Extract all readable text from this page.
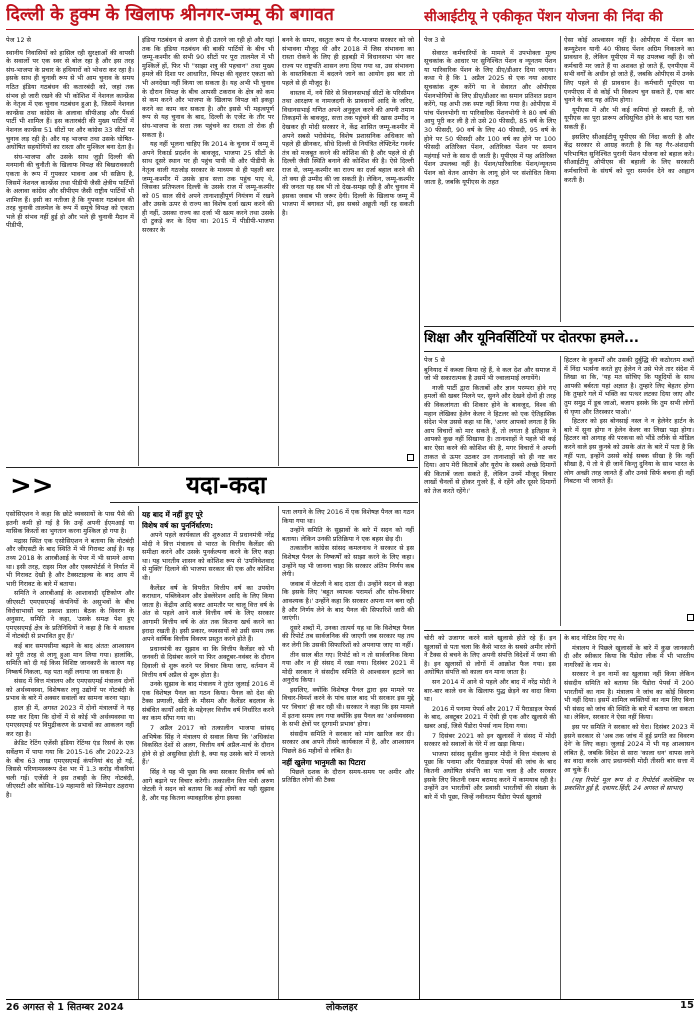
दिल्ली के हुक्म के खिलाफ श्रीनगर-जम्मू की बगावत	सीआईटीयू ने एकीकृत पेंशन योजना की निंदा की

पेज 12 से

स्थानीय निवासियों को हासिल रही सुरक्षाओं की वापसी के सवालों पर एक स्वर से बोल रहा है और इस तरह संघ-भाजपा के प्रचार के हथियारों को भोथरा कर रहा है। इसके साथ ही चुनावी रूप से भी आम चुनाव के समय गठित इंडिया गठबंधन की कतारबंदी को, जहां तक संभव हो जारी रखने की भी कोशिश में नेशनल कान्फ्रेंस के नेतृत्व में एक चुनाव गठबंधन हुआ है, जिसमें नेशनल कान्फ्रेंस तथा कांग्रेस के अलावा सीपीआइ और पैंथर्स पार्टी भी शामिल हैं। इस कतारबंदी की मुख्य पार्टियों में नेशनल कान्फ्रेंस 51 सीटों पर और कांग्रेस 33 सीटों पर चुनाव लड़ रही है। और यह भाजपा तथा उसके घोषित-अघोषित सहयोगियों का रास्ता और मुश्किल बना देता है।

संघ-भाजपा और उसके साथ जुड़ी दिल्ली की मनमानी की चुनौती के खिलाफ विपक्ष की बिखरावकारी एकता के रूप में गुपकार भावना अब भी सक्रिय है, जिसमें नेशनल कान्फ्रेंस तथा पीडीपी जैसी क्षेत्रीय पार्टियों के अलावा कांग्रेस और सीपीएम जैसी राष्ट्रीय पार्टियों भी शामिल हैं। इसी का नतीजा है कि गुपकार गठबंधन की तरह चुनावी तालमेल के रूप में समूचे विपक्ष को एकता भले ही संभव नहीं हुई हो और भले ही चुनावी मैदान में पीडीपी,

इंडिया गठबंधन से अलग से ही उतरने जा रही हो और यहां तक कि इंडिया गठबंधन की बाकी पार्टियों के बीच भी जम्मू-कश्मीर की सभी 90 सीटों पर पूरा तालमेल में भी मुश्किलें हों, फिर भी ''साझा शत्रु की पहचान'' तथा मुख्य हमले की दिशा पर आधारित, विपक्ष की वृहत्तर एकता को भी अनदेखा नहीं किया जा सकता है। यह अभी भी चुनाव के दौरान विपक्ष के बीच आपसी टकराव के क्षेत्र को कम से कम करने और भाजपा के खिलाफ विपक्ष को इकट्ठा करने का काम कर सकता है। और इससे भी महत्वपूर्ण रूप से यह चुनाव के बाद, दिल्ली के एजेंट के तौर पर संघ-भाजपा के सत्ता तक पहुंचने का रास्ता तो रोक ही सकता है।

यह नहीं भूलना चाहिए कि 2014 के चुनाव में जम्मू में अपने रिकार्ड प्रदर्शन के बावजूद, भाजपा 25 सीटों के साथ दूसरे स्थान पर ही पहुंच पायी थी और पीडीपी के नेतृत्व वाली गठजोड़ सरकार के माध्यम से ही पहली बार जम्मू-कश्मीर में उसके हाथ सत्ता तक पहुंच पाए थे, जिसका प्रतिफलन दिल्ली के उसके राज में जम्मू-कश्मीर को 05 साल सीधे अपने तानाशाहीपूर्ण नियंत्रण में रखने और उसके ऊपर से राज्य का विशेष दर्जा खत्म करने की ही नहीं, उसका राज्य का दर्जा भी खत्म करने तथा उसके दो टुकड़े कर के दिया था। 2015 में पीडीपी-भाजपा सरकार के

बनने के समय, वस्तुतः रूप से गैर-भाजपा सरकार को जो संभावना मौजूद थी और 2018 में जिस संभावना का रास्ता रोकने के लिए ही हड़बड़ी में विधानसभा भंग कर राज्य पर राष्ट्रपति शासन लगा दिया गया था, उस संभावना के वास्तविकता में बदलने जाने का आयोग इस बार तो पहले से ही मौजूद है।

वास्तव में, नये सिरे से विधानसभाई सीटों के परिसीमन तथा आरक्षण व नामजदगी के प्रावधानों आदि के जरिए, विधानसभाई गणित अपने अनुकूल करने की अपनी तमाम तिकड़मों के बावजूद, सत्ता तक पहुंचने की खास उम्मीद न देखकर ही मोदी सरकार ने, केंद्र शासित जम्मू-कश्मीर में अपने सबसे भरोसेमंद, विशेष प्रशासनिक अधिकार को पहले ही छीनकर, सीधे दिल्ली से नियंत्रित लेफ्टिनेंट गवर्नर तंत्र को मजबूत करने की कोशिश की है और पहले से ही दिल्ली जैसी स्थिति बनाने की कोशिश की है। ऐसे दिल्ली राज से, जम्मू-कश्मीर का राज्य का दर्जा बहाल करने की तो क्या ही उम्मीद की जा सकती है। लेकिन, जम्मू-कश्मीर की जनता यह सब भी तो देख-समझ रही है और चुनाव में इसका जवाब भी जरूर देगी। दिल्ली के खिलाफ जम्मू में भाजपा में बगावत भी, इस सबसे अछूती नहीं रह सकती है।

पेज 3 से

सेवारत कर्मचारियों के मामले में उपभोक्ता मूल्य सूचकांक के आधार पर सुनिश्चित पेंशन व न्यूनतम पेंशन या पारिवारिक पेंशन के लिए डीए/डीआर दिया जाएगा। कथा ये है कि 1 अप्रैल 2025 से एक नया आधार सूचकांक शुरू करेंगे या वे सेवारत और ओपीएस पेंशनभोगियों के लिए डीए/डीआर का समान प्रतिशत प्रदान करेंगे, यह अभी तक स्पष्ट नहीं किया गया है। ओपीएस में पांच पेंशनभोगी या पारिवारिक पेंशनभोगी ने 80 वर्ष की आयु पूरी कर ली है तो उसे 20 फीसदी, 85 वर्ष के लिए 30 फीसदी, 90 वर्ष के लिए 40 फीसदी, 95 वर्ष के होने पर 50 फीसदी और 100 वर्ष का होने पर 100 फीसदी अतिरिक्त पेंशन, अतिरिक्त पेंशन पर समान महंगाई भत्ते के साथ दी जाती है। यूपीएस में यह अतिरिक्त पेंशन उपलब्ध नहीं है। पेंशन/पारिवारिक पेंशन/न्यूनतम पेंशन को वेतन आयोग के लागू होने पर संशोधित किया जाता है, जबकि यूपीएस के तहत

ऐसा कोई आश्वासन नहीं है। ओपीएस में पेंशन का कम्युटेशन यानी 40 फीसद पेंशन अग्रिम निकालने का प्रावधान है, लेकिन यूपीएस में यह उपलब्ध नहीं है। जो कर्मचारी मर जाते हैं या अशक्त हो जाते हैं, एनपीएस में सभी वर्गों के अधीन हो जाते हैं, जबकि ओपीएस में उनके लिए पहले से ही प्रावधान है। कर्मचारी यूपीएस या एनपीएस में से कोई भी विकल्प चुन सकते हैं, एक बार चुनने के बाद यह अंतिम होगा।

यूपीएस में और भी कई कमियां हो सकती हैं, जो यूपीएस का पूरा प्रारूप अधिसूचित होने के बाद पता चल सकती हैं।

इसलिए सीआईटीयू यूपीएस की निंदा करती है और केंद्र सरकार से आग्रह करती है कि यह गैर-अंशदायी परिभाषित सुनिश्चित पुरानी पेंशन योजना को बहाल करे। सीआईटीयू ओपीएस की बहाली के लिए सरकारी कर्मचारियों के संघर्ष को पूरा समर्थन देने का आह्वान करती है।

शिक्षा और यूनिवर्सिटियों पर दोतरफा हमले...

पेज 5 से

बुनियाद में कब्जा किया रहे हैं, वे कल देश और समाज में जो भी सकारात्मक है उसमें भी ज्वालामाई लगायेंगे।

नाजी पार्टी द्वारा किताबों और ज्ञान परम्परा होने गए हमलों की खबर मिलने पर, सुनने और देखने दोनों ही तरह की विकलांगता की शिकार होने के बावजूद, विश्व की महान लेखिका हेलेन केलर ने हिटलर को एक ऐतिहासिक संदेश भेज उससे कहा था कि, 'अगर आपको लगता है कि आप विचारों को मार सकते हैं, तो लगता है इतिहास ने आपको कुछ नहीं सिखाया है। तानाशाहों ने पहले भी कई बार ऐसा करने की कोशिश की है, मगर विचारों ने अपनी ताकत से ऊपर उठकर उन तानाशाहों को ही नष्ट कर दिया। आप मेरी किताबें और यूरोप के सबसे अच्छे दिमागों की किताबें जला सकते हैं, लेकिन उनमें मौजूद विचार लाखों चैनलों से होकर गुजरे हैं, वे रहेंगे और दूसरे दिमागों को तेज करते रहेंगे।'

हिटलर के कुकर्मों और उसकी दुर्बुद्धि की कठोरतम शब्दों में निंदा भर्त्सना करते हुए हेलेन ने उसे भेजे तार संदेश में लिखा था कि, 'यह मत सोचिए कि यहूदियों के साथ आपकी बर्बरता यहां अज्ञात है। तुम्हारे लिए बेहतर होगा कि तुम्हारे गले में भक्ति का पत्थर लटका दिया जाए और तुम समुद्र में डूब जाओ, बजाय इसके कि तुम सभी लोगों से घृणा और तिरस्कार पाओ।'

हिटलर को इस बोनसाई नस्ल ने न हेलेनेर हार्टन के बारे में सुना होगा न हेलेन केलर का लिखा पढ़ा होगा। हिटलर को आगाह की परकथा को भौंडे तरीके से मॉडिल करने वाले इस कुनबे को उसके अंत के बारे में पता है कि नहीं पता, इन्होंने उससे कोई सबक सीखा है कि नहीं सीखा है, ये तो ये ही जानें किन्तु दुनिया के साथ भारत के लोग अच्छी तरह जानते हैं और उनसे सिर्फ बचना ही नहीं निबटना भी जानते हैं।

>>	यदा-कदा

एसोसिएशन ने कहा कि छोटे व्यवसायों के पास पैसे की इतनी कमी हो गई है कि उन्हें अपनी ईएमआई या मासिक किस्तों का भुगतान करना मुश्किल हो गया है।

मद्रास स्थित एक एसोसिएशन ने बताया कि नोटबंदी और जीएसटी के बाद स्थिति में भी गिरावट आई है। यह तथ्य 2018 के आरबीआई के पेपर में भी सामने आया था। इसी तरह, राइस मिल और एक्सपोर्टर्स ने निर्यात में भी गिरावट देखी है और टैक्सटाइल्स के बाद आय में भारी गिरावट के बारे में बताया।

समिति ने आरबीआई के आशावादी दृष्टिकोण और जीएसटी एमएसएमई कंपनियों के असुभवों के बीच विरोधाभासों पर प्रकाश डाला। बैठक के विवरण के अनुसार, समिति ने कहा, 'उसके समक्ष पेश हुए एमएसएमई क्षेत्र के प्रतिनिधियों ने कहा है कि ये वास्तव में नोटबंदी से प्रभावित हुए हैं।'

कई बार समयसीमा बढ़ाने के बाद अंततः आश्वासन को पूरी तरह से लागू हुआ मान लिया गया। हालांकि, समिति को दी गई किस विशिष्ट जानकारी के कारण यह निष्कर्ष निकला, यह पता नहीं लगाया जा सकता है।

संसद में वित्त मंत्रालय और एमएसएमई मंत्रालय दोनों को अर्थव्यवस्था, विशेषकर लघु उद्योगों पर नोटबंदी के प्रभाव के बारे में अक्सर सवालों का सामना करना पड़ा।

हाल ही में, अगस्त 2023 में दोनों मंत्रालयों ने यह स्पष्ट कर दिया कि दोनों में से कोई भी अर्थव्यवस्था या एमएसएमई पर विमुद्रीकरण के प्रभावों का आकलन नहीं कर रहा है।

क्रेडिट रेटिंग एजेंसी इंडिया रेटिंग्स एंड रिसर्च के एक सर्वेक्षण में पाया गया कि 2015-16 और 2022-23 के बीच 63 लाख एमएसएमई कंपनियां बंद हो गई, जिससे परिणामस्वरूप देश भर में 1.3 करोड़ नौकरियां चली गई। एजेंसी ने इस तबाही के लिए नोटबंदी, जीएसटी और कोविड-19 महामारी को जिम्मेदार ठहराया है।

यह बाद में नहीं हुए पूरे
विशेष वर्ष का पुनर्निर्धारण:

अपने पहले कार्यकाल की शुरुआत में प्रधानमंत्री नरेंद्र मोदी ने वित्त मंत्रालय से भारत के वित्तीय कैलेंडर की समीक्षा करने और उसके पुनर्कल्पना करने के लिए कहा था। यह भारतीय शासन को कोशिश रूप से 'उपनिवेशवाद से मुक्ति' दिलाने की भाजपा सरकार की एक और कोशिश थी।

कैलेंडर वर्ष के विपरीत वित्तीय वर्ष का उपयोग कराधान, पब्लिकेशन और डेक्लेरेशन आदि के लिए किया जाता है। केंद्रीय आदि बजट आमतौर पर चालू वित्त वर्ष के अंत से पहले आने वाले वित्तीय वर्ष के लिए सरकार आगामी वित्तीय वर्ष के अंत तक कितना खर्च करने का इरादा रखती है। इसी प्रकार, व्यवसायों को उसी समय तक अपने वार्षिक वित्तीय विवरण प्रस्तुत करने होते हैं।

प्रधानमंत्री का सुझाव था कि वित्तीय कैलेंडर को भी जनवरी से दिसंबर करने या फिर अक्टूबर-नवंबर के दौरान दिवाली से शुरू करने पर विचार किया जाए, वर्तमान में वित्तीय वर्ष अप्रैल से शुरू होता है।

उनके सुझाव के बाद मंत्रालय ने तुरंत जुलाई 2016 में एक विशेषज्ञ पैनल का गठन किया। पैनल को देश की टैक्स प्रणाली, खेती के मौसम और कैलेंडर बदलाव के संबंधित कार्यों आदि के मद्देनज़र वित्तीय वर्ष निर्धारित करने का काम सौंपा गया था।

7 अप्रैल 2017 को तत्कालीन भाजपा सांसद अभिषेक सिंह ने मंत्रालय से सवाल किया कि 'अधिकांश विकसित देशों से अलग, वित्तीय वर्ष अप्रैल-मार्च के दौरान होने से हो असुविधा होती है, क्या यह उसके बारे में जानते हैं।'

सिंह ने यह भी पूछा कि क्या सरकार वित्तीय वर्ष को आगे बढ़ाने पर विचार करेगी। तत्कालीन वित्त मंत्री अरुण जेटली ने सदन को बताया कि कई लोगों का यही सुझाव है, और यह कितना व्यावहारिक होगा इसका

पता लगाने के लिए 2016 में एक विशेषज्ञ पैनल का गठन किया गया था।

उन्होंने समिति के सुझावों के बारे में सदन को नहीं बताया। लेकिन उनकी प्रतिक्रिया ने एक बहस छेड़ दी।

तत्कालीन कांग्रेस सांसद कमलनाथ ने सरकार से इस विशेषज्ञ पैनल के निष्कर्षों को साझा करने के लिए कहा। उन्होंने यह भी जानना चाहा कि सरकार अंतिम निर्णय कब लेगी।

जवाब में जेटली ने बाद दाता दी। उन्होंने सदन से कहा कि इसके लिए 'बहुत व्यापक परामर्श और सोच-विचार आवश्यक है।' उन्होंने कहा कि सरकार अपना मन बना रही है और निर्णय लेने के बाद पैनल की सिफारिशें जारी की जाएंगी।

दूसरे शब्दों में, उनका तात्पर्य यह था कि विशेषज्ञ पैनल की रिपोर्ट तब सार्वजनिक की जाएगी जब सरकार यह तय कर लेगी कि उसकी सिफारिशों को अपनाया जाए या नहीं।

तीन साल बीत गए। रिपोर्ट को न तो सार्वजनिक किया गया और न ही संसद में रखा गया। दिसंबर 2021 में मोदी सरकार ने संसदीय समिति से आश्वासन हटाने का अनुरोध किया।

इसलिए, क्योंकि विशेषज्ञ पैनल द्वारा इस मामले पर विचार-विमर्श करने के पांच साल बाद भी सरकार इस मुद्दे पर 'विचार' ही कर रही थी। सरकार ने कहा कि इस मामले में इतना समय लग गया क्योंकि इस पैनल का 'अर्थव्यवस्था के सभी क्षेत्रों पर दूरगामी प्रभाव' होगा।

संसदीय समिति ने सरकार को मांग खारिज कर दी। सरकार अब अपने तीसरे कार्यकाल में है, और आश्वासन पिछले 86 महीनों से लंबित है।

नहीं खुलेगा भानुमती का पिटारा

पिछले दशक के दौरान समय-समय पर अमीर और प्रतिष्ठित लोगों की टैक्स

चोरी को उजागर करने वाले खुलासे होते रहे हैं। इन खुलासों से पता चला कि कैसे भारत के सबसे अमीर लोगों ने टैक्स से बचने के लिए अपनी संपत्ति विदेशों में जमा की है। इन खुलासों से लोगों में आक्रोश फैल गया। इस अघोषित संपत्ति को काला धन माना जाता है।

सन 2014 में आने से पहले और बाद में नरेंद्र मोदी ने बार-बार काले धन के खिलाफ युद्ध छेड़ने का वादा किया था।

2016 में पनामा पेपर्स और 2017 में पैराडाइज पेपर्स के बाद, अक्टूबर 2021 में ऐसी ही एक और खुलासे की खबर आई, जिसे पैंडोरा पेपर्स नाम दिया गया।

7 दिसंबर 2021 को इन खुलासों ने संसद में मोदी सरकार को सवालों के घेरे में ला खड़ा किया।

भाजपा सांसद सुशील कुमार मोदी ने वित्त मंत्रालय से पूछा कि पनामा और पैराडाइज पेपर्स की जांच के बाद कितनी अघोषित संपत्ति का पता चला है और सरकार इसके लिए कितनी रकम बरामद करने में कामयाब रही है। उन्होंने उन भारतीयों और प्रवासी भारतीयों की संख्या के बारे में भी पूछा, जिन्हें नवीनतम पैंडोरा पेपर्स खुलासे

के बाद नोटिस दिए गए थे।

मंत्रालय ने पिछले खुलासों के बारे में कुछ जानकारी दी और स्वीकार किया कि पैंडोरा लीक में भी भारतीय नागरिकों के नाम थे।

सरकार ने इन नामों का खुलासा नहीं किया लेकिन संसदीय समिति को बताया कि पैंडोरा पेपर्स में 200 भारतीयों का नाम है। मंत्रालय ने जांच का कोई विवरण भी नहीं दिया। इसमें शामिल व्यक्तियों का नाम लिए बिना भी संसद को जांच की स्थिति के बारे में बताया जा सकता था। लेकिन, सरकार ने ऐसा नहीं किया।

इस पर समिति ने सरकार को घेरा। दिसंबर 2023 में इसने सरकार से 'अब तक जांच में हुई प्रगति का विवरण देने' के लिए कहा। जुलाई 2024 में भी यह आश्वासन लंबित है, जबकि विदेश से सारा 'काला धन' वापस लाने का वादा करके आए प्रधानमंत्री मोदी तीसरी बार सत्ता में आ चुके हैं।

(यह रिपोर्ट मूल रूप से द रिपोर्टर्स कलेक्टिव पर प्रकाशित हुई है, दवायर.हिंदी, 24 अगस्त से साभार)

26 अगस्त से 1 सितम्बर 2024	लोकलहर	15
